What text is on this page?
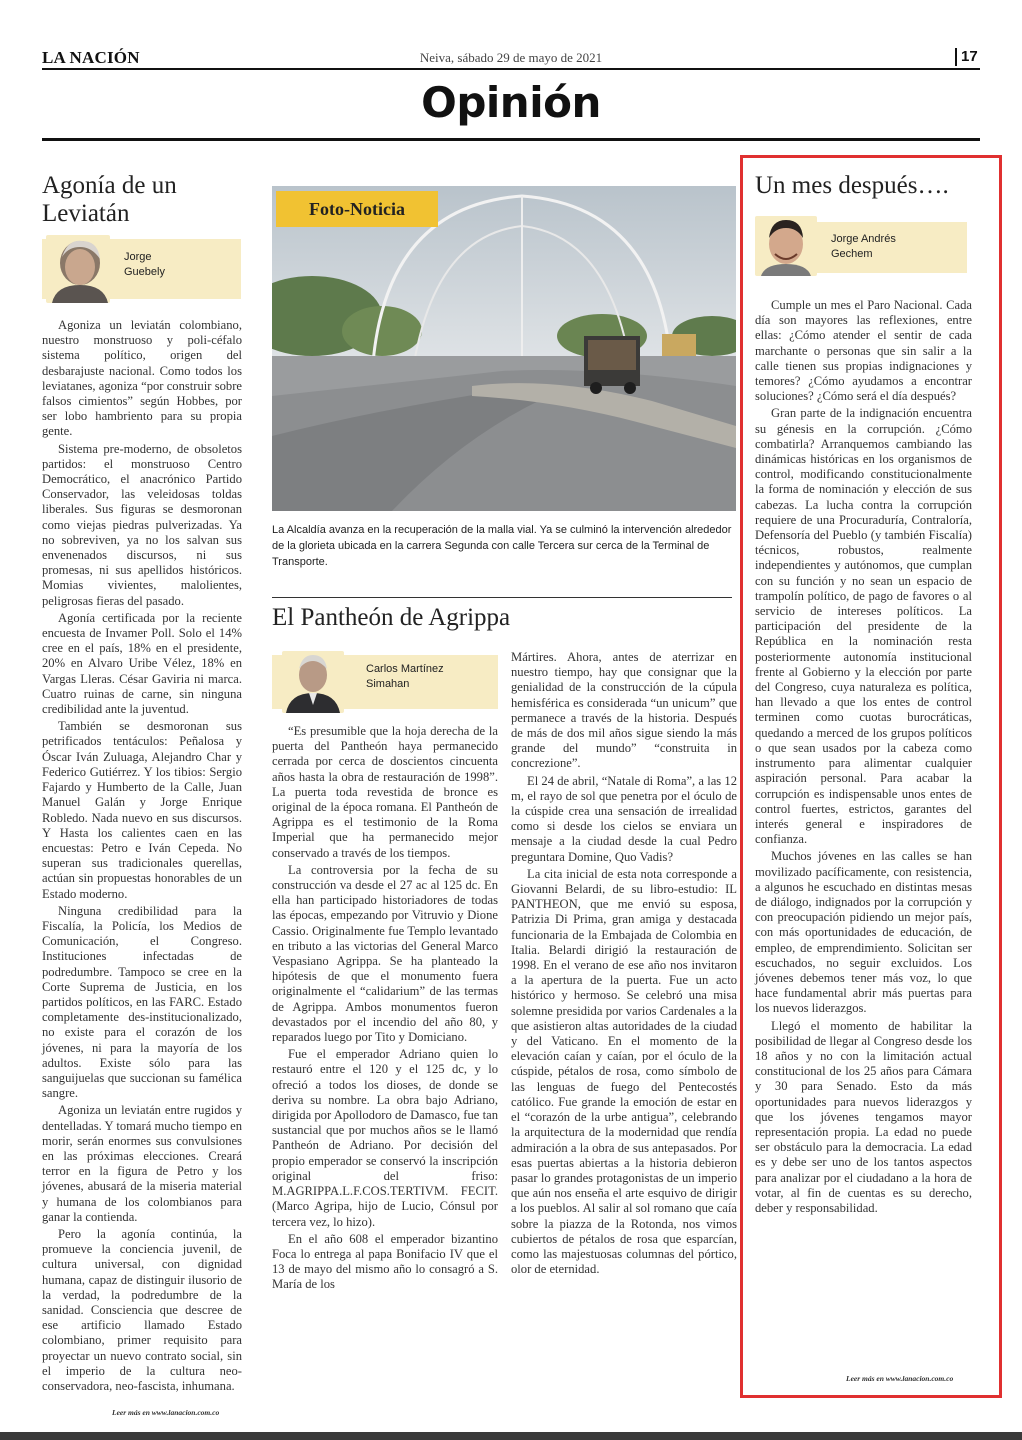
LA NACIÓN	Neiva, sábado 29 de mayo de 2021	17
Opinión
Agonía de un Leviatán
Jorge Guebely

Agoniza un leviatán colombiano, nuestro monstruoso y poli-céfalo sistema político, origen del desbarajuste nacional. Como todos los leviatanes, agoniza “por construir sobre falsos cimientos” según Hobbes, por ser lobo hambriento para su propia gente.

Sistema pre-moderno, de obsoletos partidos: el monstruoso Centro Democrático, el anacrónico Partido Conservador, las veleidosas toldas liberales. Sus figuras se desmoronan como viejas piedras pulverizadas. Ya no sobreviven, ya no los salvan sus envenenados discursos, ni sus promesas, ni sus apellidos históricos. Momias vivientes, malolientes, peligrosas fieras del pasado.

Agonía certificada por la reciente encuesta de Invamer Poll. Solo el 14% cree en el país, 18% en el presidente, 20% en Alvaro Uribe Vélez, 18% en Vargas Lleras. César Gaviria ni marca. Cuatro ruinas de carne, sin ninguna credibilidad ante la juventud.

También se desmoronan sus petrificados tentáculos: Peñalosa y Óscar Iván Zuluaga, Alejandro Char y Federico Gutiérrez. Y los tibios: Sergio Fajardo y Humberto de la Calle, Juan Manuel Galán y Jorge Enrique Robledo. Nada nuevo en sus discursos. Y Hasta los calientes caen en las encuestas: Petro e Iván Cepeda. No superan sus tradicionales querellas, actúan sin propuestas honorables de un Estado moderno.

Ninguna credibilidad para la Fiscalía, la Policía, los Medios de Comunicación, el Congreso. Instituciones infectadas de podredumbre. Tampoco se cree en la Corte Suprema de Justicia, en los partidos políticos, en las FARC. Estado completamente des-institucionalizado, no existe para el corazón de los jóvenes, ni para la mayoría de los adultos. Existe sólo para las sanguijuelas que succionan su famélica sangre.

Agoniza un leviatán entre rugidos y dentelladas. Y tomará mucho tiempo en morir, serán enormes sus convulsiones en las próximas elecciones. Creará terror en la figura de Petro y los jóvenes, abusará de la miseria material y humana de los colombianos para ganar la contienda.

Pero la agonía continúa, la promueve la conciencia juvenil, de cultura universal, con dignidad humana, capaz de distinguir ilusorio de la verdad, la podredumbre de la sanidad. Consciencia que descree de ese artificio llamado Estado colombiano, primer requisito para proyectar un nuevo contrato social, sin el imperio de la cultura neo-conservadora, neo-fascista, inhumana.

Leer más en www.lanacion.com.co
Foto-Noticia
La Alcaldía avanza en la recuperación de la malla vial. Ya se culminó la intervención alrededor de la glorieta ubicada en la carrera Segunda con calle Tercera sur cerca de la Terminal de Transporte.
El Pantheón de Agrippa
Carlos Martínez Simahan

“Es presumible que la hoja derecha de la puerta del Pantheón haya permanecido cerrada por cerca de doscientos cincuenta años hasta la obra de restauración de 1998”. La puerta toda revestida de bronce es original de la época romana. El Pantheón de Agrippa es el testimonio de la Roma Imperial que ha permanecido mejor conservado a través de los tiempos.

La controversia por la fecha de su construcción va desde el 27 ac al 125 dc. En ella han participado historiadores de todas las épocas, empezando por Vitruvio y Dione Cassio. Originalmente fue Templo levantado en tributo a las victorias del General Marco Vespasiano Agrippa. Se ha planteado la hipótesis de que el monumento fuera originalmente el “calidarium” de las termas de Agrippa. Ambos monumentos fueron devastados por el incendio del año 80, y reparados luego por Tito y Domiciano.

Fue el emperador Adriano quien lo restauró entre el 120 y el 125 dc, y lo ofreció a todos los dioses, de donde se deriva su nombre. La obra bajo Adriano, dirigida por Apollodoro de Damasco, fue tan sustancial que por muchos años se le llamó Pantheón de Adriano. Por decisión del propio emperador se conservó la inscripción original del friso: M.AGRIPPA.L.F.COS.TERTIVM. FECIT. (Marco Agripa, hijo de Lucio, Cónsul por tercera vez, lo hizo).

En el año 608 el emperador bizantino Foca lo entrega al papa Bonifacio IV que el 13 de mayo del mismo año lo consagró a S. María de los

Mártires. Ahora, antes de aterrizar en nuestro tiempo, hay que consignar que la genialidad de la construcción de la cúpula hemisférica es considerada “un unicum” que permanece a través de la historia. Después de más de dos mil años sigue siendo la más grande del mundo” “construita in concrezione”.

El 24 de abril, “Natale di Roma”, a las 12 m, el rayo de sol que penetra por el óculo de la cúspide crea una sensación de irrealidad como si desde los cielos se enviara un mensaje a la ciudad desde la cual Pedro preguntara Domine, Quo Vadis?

La cita inicial de esta nota corresponde a Giovanni Belardi, de su libro-estudio: IL PANTHEON, que me envió su esposa, Patrizia Di Prima, gran amiga y destacada funcionaria de la Embajada de Colombia en Italia. Belardi dirigió la restauración de 1998. En el verano de ese año nos invitaron a la apertura de la puerta. Fue un acto histórico y hermoso. Se celebró una misa solemne presidida por varios Cardenales a la que asistieron altas autoridades de la ciudad y del Vaticano. En el momento de la elevación caían y caían, por el óculo de la cúspide, pétalos de rosa, como símbolo de las lenguas de fuego del Pentecostés católico. Fue grande la emoción de estar en el “corazón de la urbe antigua”, celebrando la arquitectura de la modernidad que rendía admiración a la obra de sus antepasados. Por esas puertas abiertas a la historia debieron pasar lo grandes protagonistas de un imperio que aún nos enseña el arte esquivo de dirigir a los pueblos. Al salir al sol romano que caía sobre la piazza de la Rotonda, nos vimos cubiertos de pétalos de rosa que esparcían, como las majestuosas columnas del pórtico, olor de eternidad.

Un mes después….
Jorge Andrés Gechem

Cumple un mes el Paro Nacional. Cada día son mayores las reflexiones, entre ellas: ¿Cómo atender el sentir de cada marchante o personas que sin salir a la calle tienen sus propias indignaciones y temores? ¿Cómo ayudamos a encontrar soluciones? ¿Cómo será el día después?

Gran parte de la indignación encuentra su génesis en la corrupción. ¿Cómo combatirla? Arranquemos cambiando las dinámicas históricas en los organismos de control, modificando constitucionalmente la forma de nominación y elección de sus cabezas. La lucha contra la corrupción requiere de una Procuraduría, Contraloría, Defensoría del Pueblo (y también Fiscalía) técnicos, robustos, realmente independientes y autónomos, que cumplan con su función y no sean un espacio de trampolín político, de pago de favores o al servicio de intereses políticos. La participación del presidente de la República en la nominación resta posteriormente autonomía institucional frente al Gobierno y la elección por parte del Congreso, cuya naturaleza es política, han llevado a que los entes de control terminen como cuotas burocráticas, quedando a merced de los grupos políticos o que sean usados por la cabeza como instrumento para alimentar cualquier aspiración personal. Para acabar la corrupción es indispensable unos entes de control fuertes, estrictos, garantes del interés general e inspiradores de confianza.

Muchos jóvenes en las calles se han movilizado pacíficamente, con resistencia, a algunos he escuchado en distintas mesas de diálogo, indignados por la corrupción y con preocupación pidiendo un mejor país, con más oportunidades de educación, de empleo, de emprendimiento. Solicitan ser escuchados, no seguir excluidos. Los jóvenes debemos tener más voz, lo que hace fundamental abrir más puertas para los nuevos liderazgos.

Llegó el momento de habilitar la posibilidad de llegar al Congreso desde los 18 años y no con la limitación actual constitucional de los 25 años para Cámara y 30 para Senado. Esto da más oportunidades para nuevos liderazgos y que los jóvenes tengamos mayor representación propia. La edad no puede ser obstáculo para la democracia. La edad es y debe ser uno de los tantos aspectos para analizar por el ciudadano a la hora de votar, al fin de cuentas es su derecho, deber y responsabilidad.

Leer más en www.lanacion.com.co
